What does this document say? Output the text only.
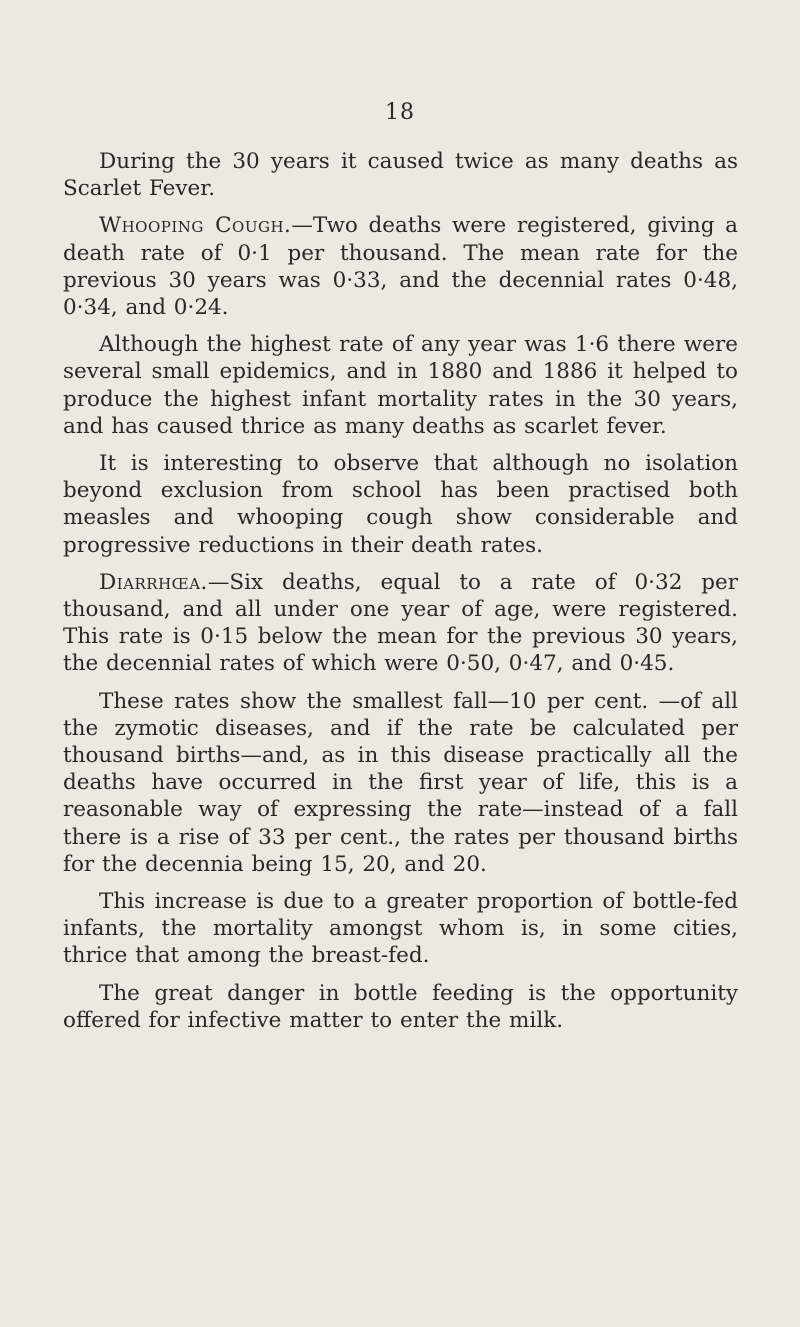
18

During the 30 years it caused twice as many deaths as Scarlet Fever.

Whooping Cough.—Two deaths were registered, giving a death rate of 0·1 per thousand. The mean rate for the previous 30 years was 0·33, and the decennial rates 0·48, 0·34, and 0·24.

Although the highest rate of any year was 1·6 there were several small epidemics, and in 1880 and 1886 it helped to produce the highest infant mortality rates in the 30 years, and has caused thrice as many deaths as scarlet fever.

It is interesting to observe that although no isolation beyond exclusion from school has been practised both measles and whooping cough show considerable and progressive reductions in their death rates.

Diarrhœa.—Six deaths, equal to a rate of 0·32 per thousand, and all under one year of age, were registered. This rate is 0·15 below the mean for the previous 30 years, the decennial rates of which were 0·50, 0·47, and 0·45.

These rates show the smallest fall—10 per cent. —of all the zymotic diseases, and if the rate be calculated per thousand births—and, as in this disease practically all the deaths have occurred in the first year of life, this is a reasonable way of expressing the rate—instead of a fall there is a rise of 33 per cent., the rates per thousand births for the decennia being 15, 20, and 20.

This increase is due to a greater proportion of bottle-fed infants, the mortality amongst whom is, in some cities, thrice that among the breast-fed.

The great danger in bottle feeding is the opportunity offered for infective matter to enter the milk.
